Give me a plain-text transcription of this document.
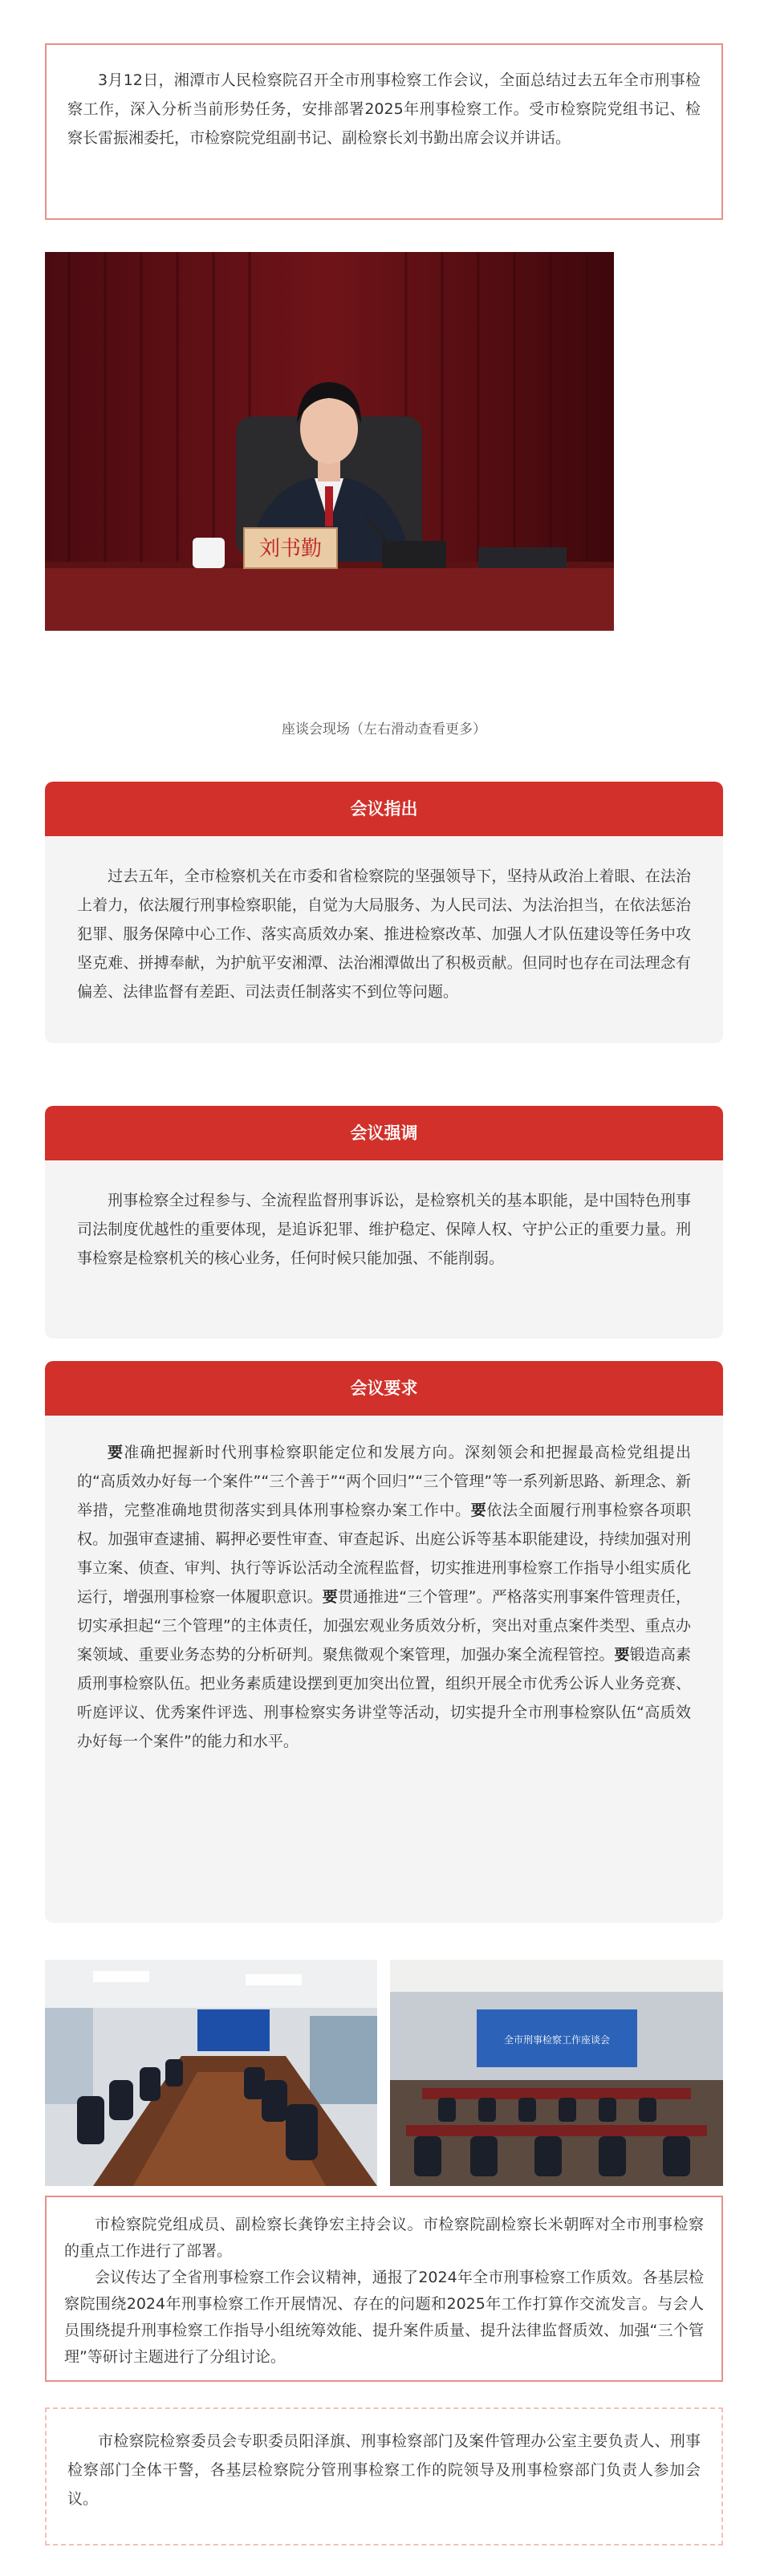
3月12日，湘潭市人民检察院召开全市刑事检察工作会议，全面总结过去五年全市刑事检察工作，深入分析当前形势任务，安排部署2025年刑事检察工作。受市检察院党组书记、检察长雷振湘委托，市检察院党组副书记、副检察长刘书勤出席会议并讲话。

刘书勤
座谈会现场（左右滑动查看更多）
会议指出

过去五年，全市检察机关在市委和省检察院的坚强领导下，坚持从政治上着眼、在法治上着力，依法履行刑事检察职能，自觉为大局服务、为人民司法、为法治担当，在依法惩治犯罪、服务保障中心工作、落实高质效办案、推进检察改革、加强人才队伍建设等任务中攻坚克难、拼搏奉献，为护航平安湘潭、法治湘潭做出了积极贡献。但同时也存在司法理念有偏差、法律监督有差距、司法责任制落实不到位等问题。

会议强调

刑事检察全过程参与、全流程监督刑事诉讼，是检察机关的基本职能，是中国特色刑事司法制度优越性的重要体现，是追诉犯罪、维护稳定、保障人权、守护公正的重要力量。刑事检察是检察机关的核心业务，任何时候只能加强、不能削弱。

会议要求

要准确把握新时代刑事检察职能定位和发展方向。深刻领会和把握最高检党组提出的“高质效办好每一个案件”“三个善于”“两个回归”“三个管理”等一系列新思路、新理念、新举措，完整准确地贯彻落实到具体刑事检察办案工作中。要依法全面履行刑事检察各项职权。加强审查逮捕、羁押必要性审查、审查起诉、出庭公诉等基本职能建设，持续加强对刑事立案、侦查、审判、执行等诉讼活动全流程监督，切实推进刑事检察工作指导小组实质化运行，增强刑事检察一体履职意识。要贯通推进“三个管理”。严格落实刑事案件管理责任，切实承担起“三个管理”的主体责任，加强宏观业务质效分析，突出对重点案件类型、重点办案领域、重要业务态势的分析研判。聚焦微观个案管理，加强办案全流程管控。要锻造高素质刑事检察队伍。把业务素质建设摆到更加突出位置，组织开展全市优秀公诉人业务竞赛、听庭评议、优秀案件评选、刑事检察实务讲堂等活动，切实提升全市刑事检察队伍“高质效办好每一个案件”的能力和水平。

全市刑事检察工作座谈会

市检察院党组成员、副检察长龚铮宏主持会议。市检察院副检察长米朝晖对全市刑事检察的重点工作进行了部署。

会议传达了全省刑事检察工作会议精神，通报了2024年全市刑事检察工作质效。各基层检察院围绕2024年刑事检察工作开展情况、存在的问题和2025年工作打算作交流发言。与会人员围绕提升刑事检察工作指导小组统筹效能、提升案件质量、提升法律监督质效、加强“三个管理”等研讨主题进行了分组讨论。

市检察院检察委员会专职委员阳泽旗、刑事检察部门及案件管理办公室主要负责人、刑事检察部门全体干警，各基层检察院分管刑事检察工作的院领导及刑事检察部门负责人参加会议。
